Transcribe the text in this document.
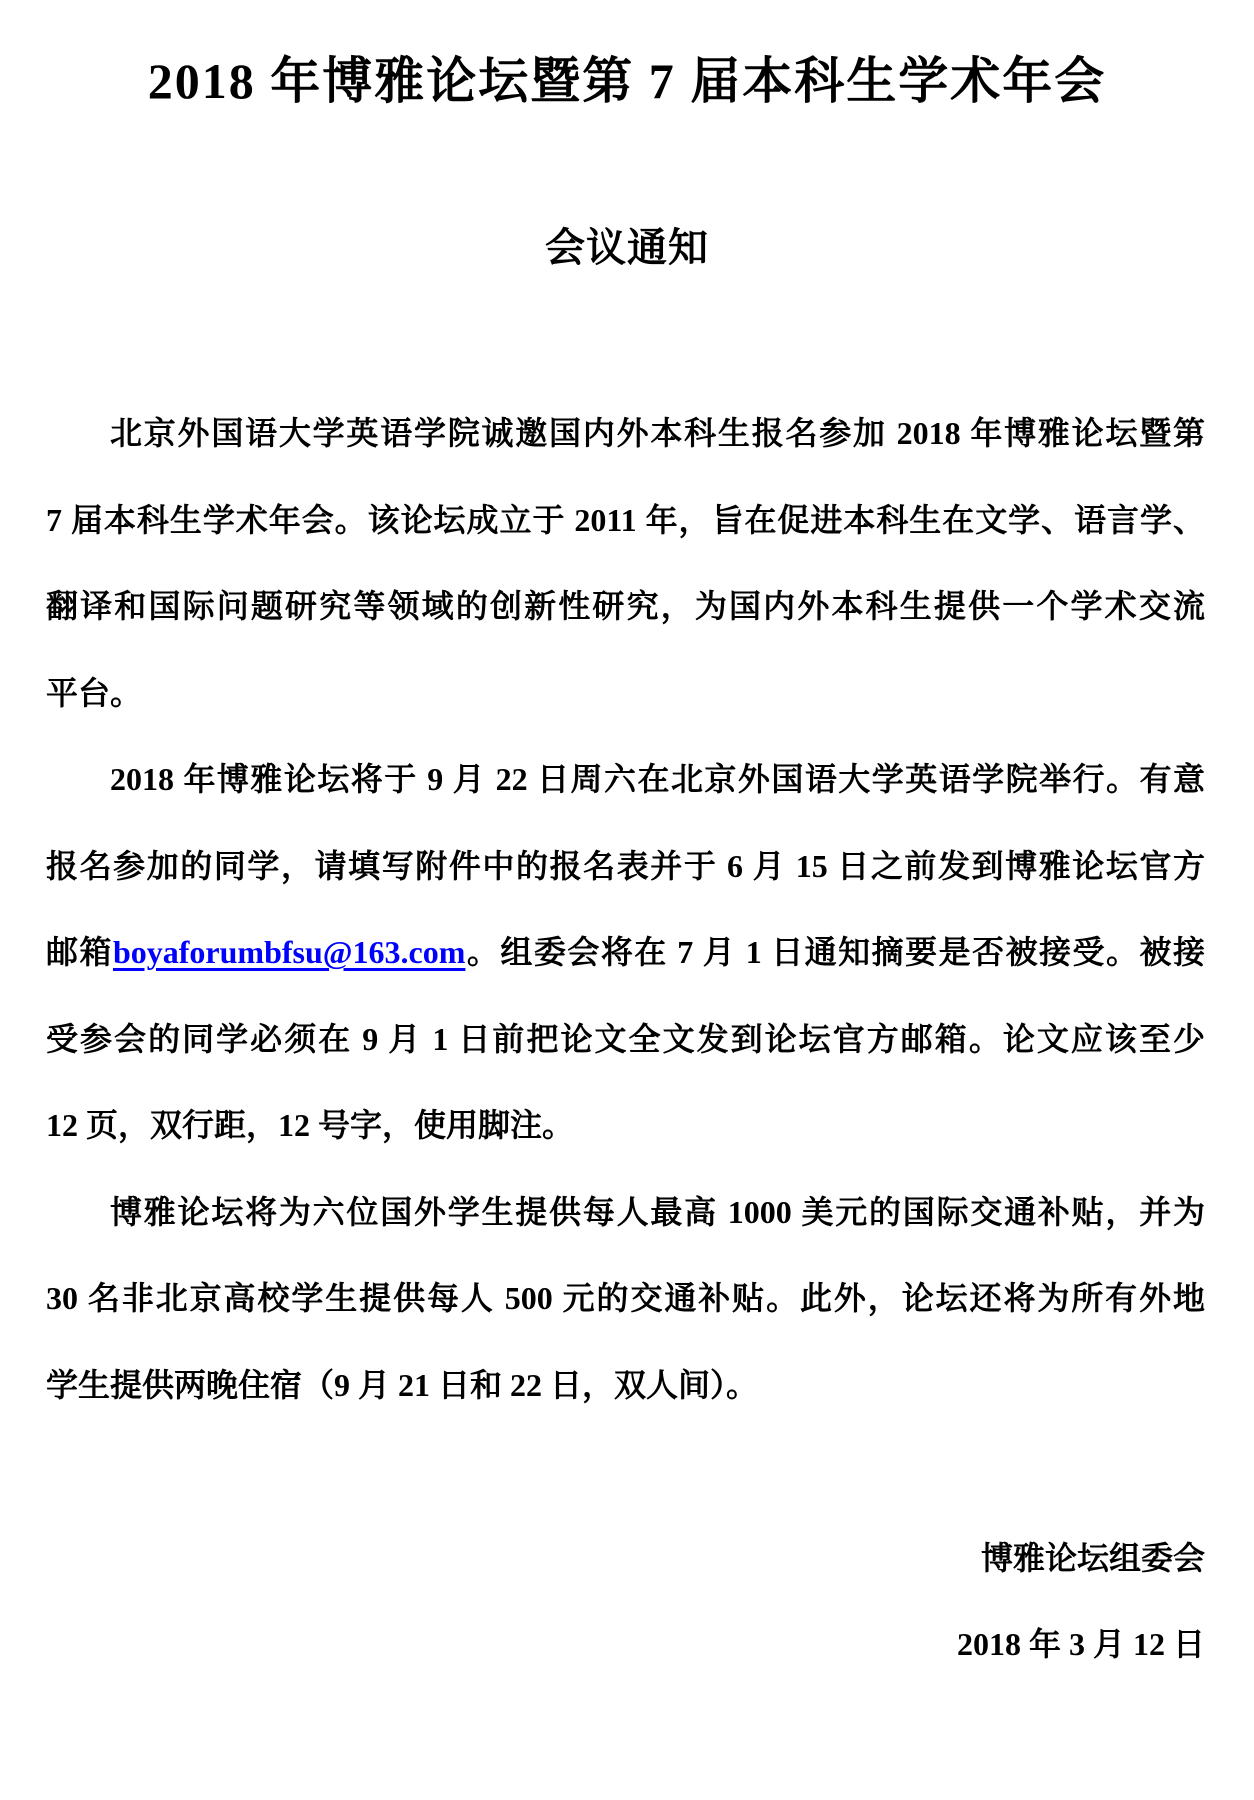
2018 年博雅论坛暨第 7 届本科生学术年会
会议通知
北京外国语大学英语学院诚邀国内外本科生报名参加 2018 年博雅论坛暨第
7 届本科生学术年会。该论坛成立于 2011 年，旨在促进本科生在文学、语言学、
翻译和国际问题研究等领域的创新性研究，为国内外本科生提供一个学术交流
平台。
2018 年博雅论坛将于 9 月 22 日周六在北京外国语大学英语学院举行。有意
报名参加的同学，请填写附件中的报名表并于 6 月 15 日之前发到博雅论坛官方
邮箱boyaforumbfsu@163.com。组委会将在 7 月 1 日通知摘要是否被接受。被接
受参会的同学必须在 9 月 1 日前把论文全文发到论坛官方邮箱。论文应该至少
12 页，双行距，12 号字，使用脚注。
博雅论坛将为六位国外学生提供每人最高 1000 美元的国际交通补贴，并为
30 名非北京高校学生提供每人 500 元的交通补贴。此外，论坛还将为所有外地
学生提供两晚住宿（9 月 21 日和 22 日，双人间）。
博雅论坛组委会
2018 年 3 月 12 日
